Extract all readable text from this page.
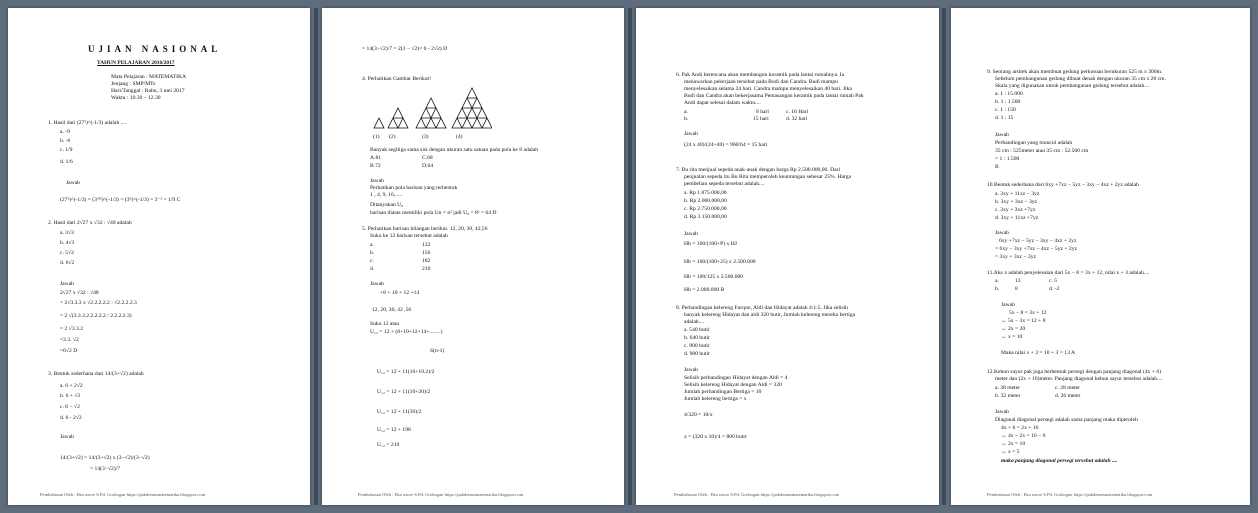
UJIAN NASIONAL
TAHUN PELAJARAN 2016/2017
Mata Pelajaran : MATEMATIKA
Jenjang : SMP/MTs
Hari/Tanggal : Rabu, 3 mei 2017
Waktu : 10.30 – 12.30
1. Hasil dari (27²)^(-1/3) adalah ....
a. -9
b. -6
c. 1/9
d. 1/6
Jawab
(27²)^(-1/3) = (3³⁾²)^(-1/3) = (3⁶)^(-1/3) = 3⁻² = 1/9 C
2. Hasil dari 2√27 x √32 : √48 adalah
a. 3√3
b. 4√3
c. 5√2
d. 6√2
Jawab
2√27 x √32 : √48
= 2√3.3.3 x √2.2.2.2.2 : √2.2.2.2.3
= 2 √(3.3.3.2.2.2.2.2 / 2.2.2.2.3)
= 2 √3.3.2
=2.3. √2
=6√2 D
3. Bentuk sederhana dari 14/(3+√2) adalah
a. 6 + 2√2
b. 6 + √2
c. 6 − √2
d. 6 - 2√2
Jawab
14/(3+√2) = 14/(3+√2) x (3−√2)/(3−√2)
= 14(3−√2)/7
Pembahasan Oleh : Eko nacre S.Pd, Grobogan https://pakdemasmatematika.blogspot.com
= 14(3−√2)/7 = 2(3 − √2)= 6 - 2√2) D
4. Perhatikan Gambar Berikut!
(1) (2)	(3)	(4)
Banyak segitiga sama sisi dengan ukuran satu satuan pada pola ke 8 adalah
A.81	C.68
B.72	D.64
Jawab
Perhatikan pola barisan yang terbentuk
1 , 4, 9, 16,.....
Ditanyakan U₈
barisan diatas memiliki pola Un = n² jadi U₈ = 8² = 64 D
5. Perhatikan barisan bilangan berikut. 12, 20, 30, 42,56
Suku ke 12 barisan tersebut adalah
a.	132
b.	156
c.	182
d.	210
Jawab
+8 + 10 + 12 +14
12, 20, 30, 42 ,56
Suku 12 atau
U₁₂ = 12 + (8+10+12+14+........)
S(n-1)
U₁₂ = 12 + 11(16+10.2)/2
U₁₂ = 12 + 11(16+20)/2
U₁₂ = 12 + 11(36)/2
U₁₂ = 12 + 198
U₁₂ = 210
Pembahasan Oleh : Eko nacre S.Pd, Grobogan https://pakdemasmatematika.blogspot.com
6. Pak Andi berencana akan membangun koramik pada lantai rumahnya. Ia
menawarkan pekerjaan tersebut pada Budi dan Candra. Budi mampu
menyelesaikan selama 24 hari. Candra mampu menyelesaikan 40 hari. Jika
Budi dan Candra akan bekerjasama Pemasangan keramik pada lantai rumah Pak
Andi dapat selesai dalam waktu....
a.	8 hari	c. 16 Hari
b.	15 hari	d. 32 hari
Jawab
(24 x 40)/(24+40) = 960/64 = 15 hari
7. Bu rita menjual sepeda anak-anak dengan harga Rp 2.500.000,00. Dari
penjualan sepeda itu Bu Rita memperoleh keuntungan sebesar 25%. Harga
pembelian sepeda tersebut adalah....
a. Rp 1.875.000,00
b. Rp 2.000.000,00
c. Rp 2.750.000,00
d. Rp 3.150.000,00
Jawab
Hb = 100/(100+P) x HJ
Hb = 100/(100+25) x 2.500.000
Hb = 100/125 x 2.500.000
Hb = 2.000.000 B
8. Perbandingan kelereng Furqon, Aldi dan Hidayat adalah 4:1:5. Jika selisih
banyak kelereng Hidayat dan aldi 320 butir, Jumlah kelereng mereka bertiga
adalah....
a. 540 butir
b. 640 butir
c. 800 butir
d. 900 butir
Jawab
Selisih perbandingan Hidayat dengan Aldi = 4
Selisih kelereng Hidayat dengan Aldi = 320
Jumlah perbandingan Bertiga = 10
Jumlah kelereng bertiga = x
4/320 = 10/x
x = (320 x 10)/4 = 800 butir
Pembahasan Oleh : Eko nacre S.Pd, Grobogan https://pakdemasmatematika.blogspot.com
9. Seorang arsitek akan membuat gedung perkotoan berukuran 525 m x 300m.
Sebelum pembangunan gedung dibuat denah dengan ukuran 35 cm x 20 cm.
Skala yang digunakan untuk pembangunan gedung tersebut adalah....
a. 1 : 15.000
b. 1 : 1.500
c. 1 : 150
d. 1 : 15
Jawab
Perbandingan yang muncul adalah
35 cm : 525meter atau 35 cm : 52.500 cm
= 1 : 1.500
B
10.Bentuk sederhana dari 6xy +7xz − 5yz − 3xy − 4xz + 2yz adalah
a. 3xy + 11xz − 3yz
b. 3xy + 3xz − 3yz
c. 3xy + 3xz +7yz
d. 3xy + 11xz +7yz
Jawab
6xy +7xz − 5yz − 3xy − 4xz + 2yz
= 6xy − 3xy +7xz − 4xz − 5yz + 2yz
= 3xy + 3xz − 3yz
11.Jika x adalah penyelesaian dari 5x − 8 = 3x + 12, nilai x + 3 adalah....
a.	13	c. 5
b.	8	d. -2
Jawab
5x − 8 = 3x + 12
↔ 5x − 3x = 12 + 8
↔ 2x = 20
↔ x = 10
Maka nilai x + 3 = 10 + 3 = 13 A
12.Kebun sayur pak juga berbentuk persegi dengan panjang diagonal (4x + 6)
meter dan (2x + 16)meter. Panjang diagonal kebun sayur tersebut adalah....
a. 38 meter	c. 28 meter
b. 32 meter	d. 26 meter
Jawab
Diagonal diagonal persegi adalah sama panjang maka diperoleh
4x + 6 = 2x + 16
↔ 4x − 2x = 16 − 6
↔ 2x = 10
↔ x = 5
maka panjang diagonal persegi tersebut adalah ....
Pembahasan Oleh : Eko nacre S.Pd, Grobogan https://pakdemasmatematika.blogspot.com
